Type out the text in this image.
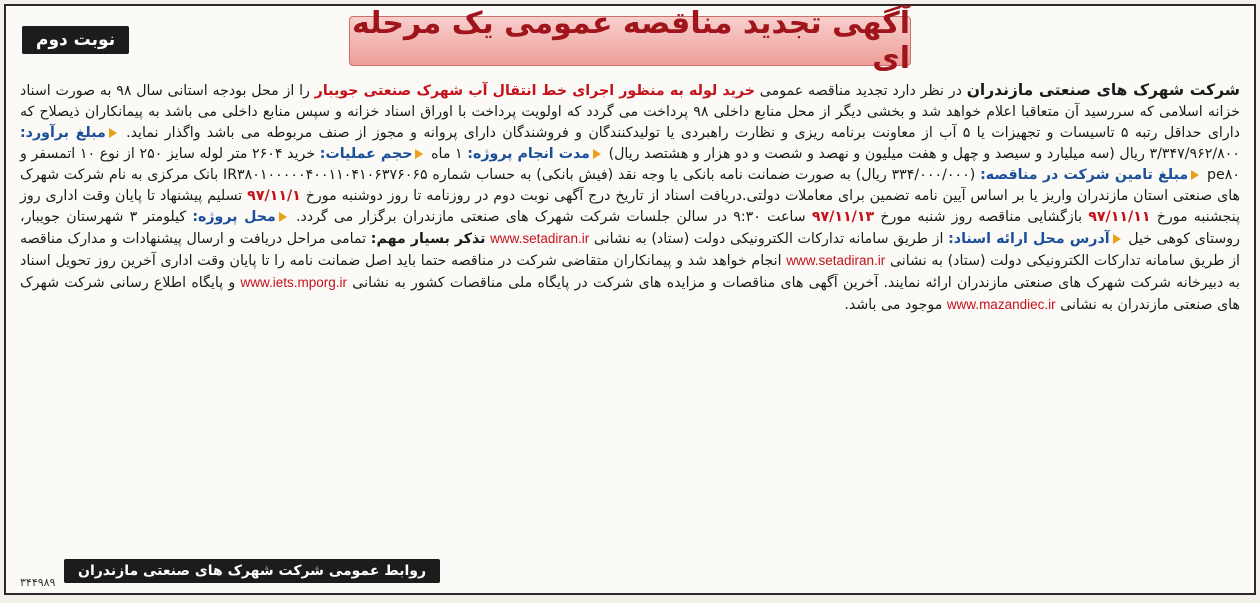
آگهی تجدید مناقصه عمومی یک مرحله ای
نوبت دوم

شرکت شهرک های صنعتی مازندران در نظر دارد تجدید مناقصه عمومی خرید لوله به منظور اجرای خط انتقال آب شهرک صنعتی جویبار را از محل بودجه استانی سال ۹۸ به صورت اسناد خزانه اسلامی که سررسید آن متعاقبا اعلام خواهد شد و بخشی دیگر از محل منابع داخلی ۹۸ پرداخت می گردد که اولویت پرداخت با اوراق اسناد خزانه و سپس منابع داخلی می باشد به پیمانکاران ذیصلاح که دارای حداقل رتبه ۵ تاسیسات و تجهیزات یا ۵ آب از معاونت برنامه ریزی و نظارت راهبردی یا تولیدکنندگان و فروشندگان دارای پروانه و مجوز از صنف مربوطه می باشد واگذار نماید. مبلغ برآورد: ۳/۳۴۷/۹۶۲/۸۰۰ ریال (سه میلیارد و سیصد و چهل و هفت میلیون و نهصد و شصت و دو هزار و هشتصد ریال) مدت انجام پروژه: ۱ ماه حجم عملیات: خرید ۲۶۰۴ متر لوله سایز ۲۵۰ از نوع ۱۰ اتمسفر و pe۸۰ مبلغ تامین شرکت در مناقصه: (۳۳۴/۰۰۰/۰۰۰ ریال) به صورت ضمانت نامه بانکی یا وجه نقد (فیش بانکی) به حساب شماره IR۳۸۰۱۰۰۰۰۰۴۰۰۱۱۰۴۱۰۶۳۷۶۰۶۵ بانک مرکزی به نام شرکت شهرک های صنعتی استان مازندران واریز یا بر اساس آیین نامه تضمین برای معاملات دولتی.دریافت اسناد از تاریخ درج آگهی نوبت دوم در روزنامه تا روز دوشنبه مورخ ۹۷/۱۱/۱ تسلیم پیشنهاد تا پایان وقت اداری روز پنجشنبه مورخ ۹۷/۱۱/۱۱ بازگشایی مناقصه روز شنبه مورخ ۹۷/۱۱/۱۳ ساعت ۹:۳۰ در سالن جلسات شرکت شهرک های صنعتی مازندران برگزار می گردد. محل پروژه: کیلومتر ۳ شهرستان جویبار، روستای کوهی خیل آدرس محل ارائه اسناد: از طریق سامانه تدارکات الکترونیکی دولت (ستاد) به نشانی www.setadiran.ir تذکر بسیار مهم: تمامی مراحل دریافت و ارسال پیشنهادات و مدارک مناقصه از طریق سامانه تدارکات الکترونیکی دولت (ستاد) به نشانی www.setadiran.ir انجام خواهد شد و پیمانکاران متقاضی شرکت در مناقصه حتما باید اصل ضمانت نامه را تا پایان وقت اداری آخرین روز تحویل اسناد به دبیرخانه شرکت شهرک های صنعتی مازندران ارائه نمایند. آخرین آگهی های مناقصات و مزایده های شرکت در پایگاه ملی مناقصات کشور به نشانی www.iets.mporg.ir و پایگاه اطلاع رسانی شرکت شهرک های صنعتی مازندران به نشانی www.mazandiec.ir موجود می باشد.

روابط عمومی شرکت شهرک های صنعتی مازندران
۳۴۴۹۸۹
